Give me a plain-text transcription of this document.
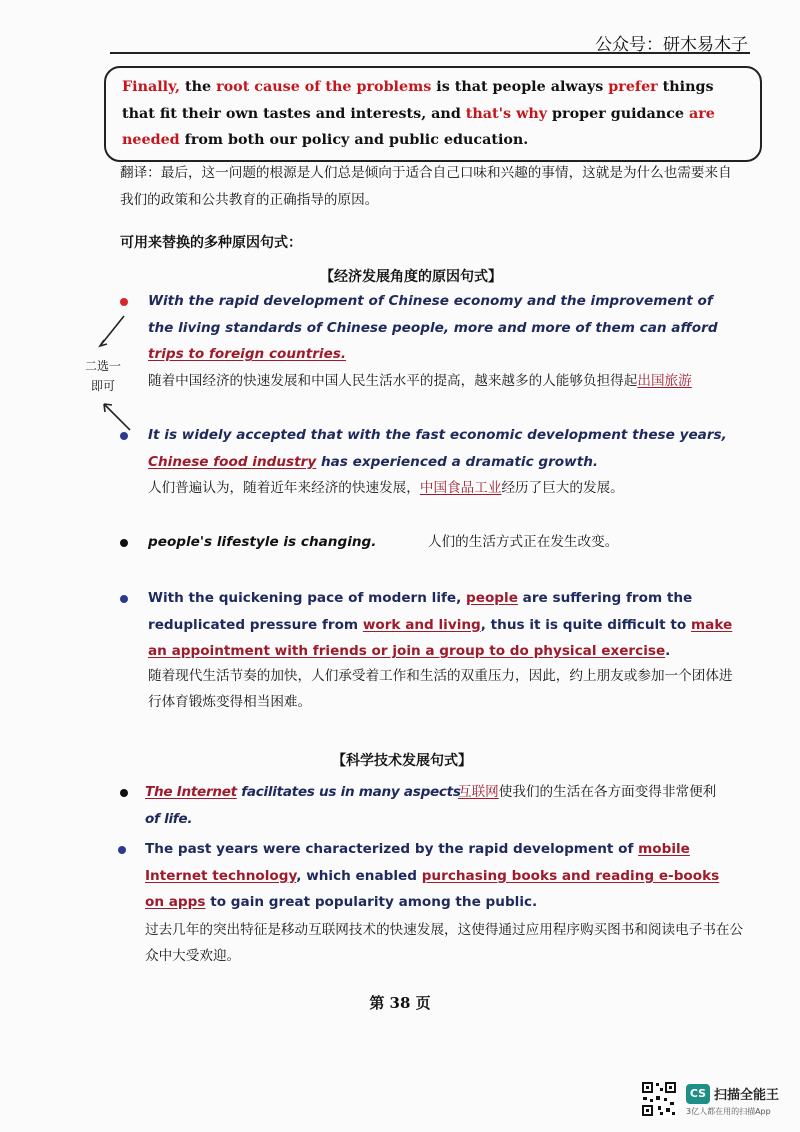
公众号：研木易木子
Finally, the root cause of the problems is that people always prefer things that fit their own tastes and interests, and that's why proper guidance are needed from both our policy and public education.
翻译：最后，这一问题的根源是人们总是倾向于适合自己口味和兴趣的事情，这就是为什么也需要来自我们的政策和公共教育的正确指导的原因。
可用来替换的多种原因句式：
【经济发展角度的原因句式】
二选一即可
With the rapid development of Chinese economy and the improvement of the living standards of Chinese people, more and more of them can afford trips to foreign countries.
随着中国经济的快速发展和中国人民生活水平的提高，越来越多的人能够负担得起出国旅游
It is widely accepted that with the fast economic development these years, Chinese food industry has experienced a dramatic growth.
人们普遍认为，随着近年来经济的快速发展，中国食品工业经历了巨大的发展。
people's lifestyle is changing.	人们的生活方式正在发生改变。
With the quickening pace of modern life, people are suffering from the reduplicated pressure from work and living, thus it is quite difficult to make an appointment with friends or join a group to do physical exercise.
随着现代生活节奏的加快，人们承受着工作和生活的双重压力，因此，约上朋友或参加一个团体进行体育锻炼变得相当困难。
【科学技术发展句式】
The Internet facilitates us in many aspects of life.
互联网使我们的生活在各方面变得非常便利
The past years were characterized by the rapid development of mobile Internet technology, which enabled purchasing books and reading e-books on apps to gain great popularity among the public.
过去几年的突出特征是移动互联网技术的快速发展，这使得通过应用程序购买图书和阅读电子书在公众中大受欢迎。
第 38 页
CS 扫描全能王
3亿人都在用的扫描App
